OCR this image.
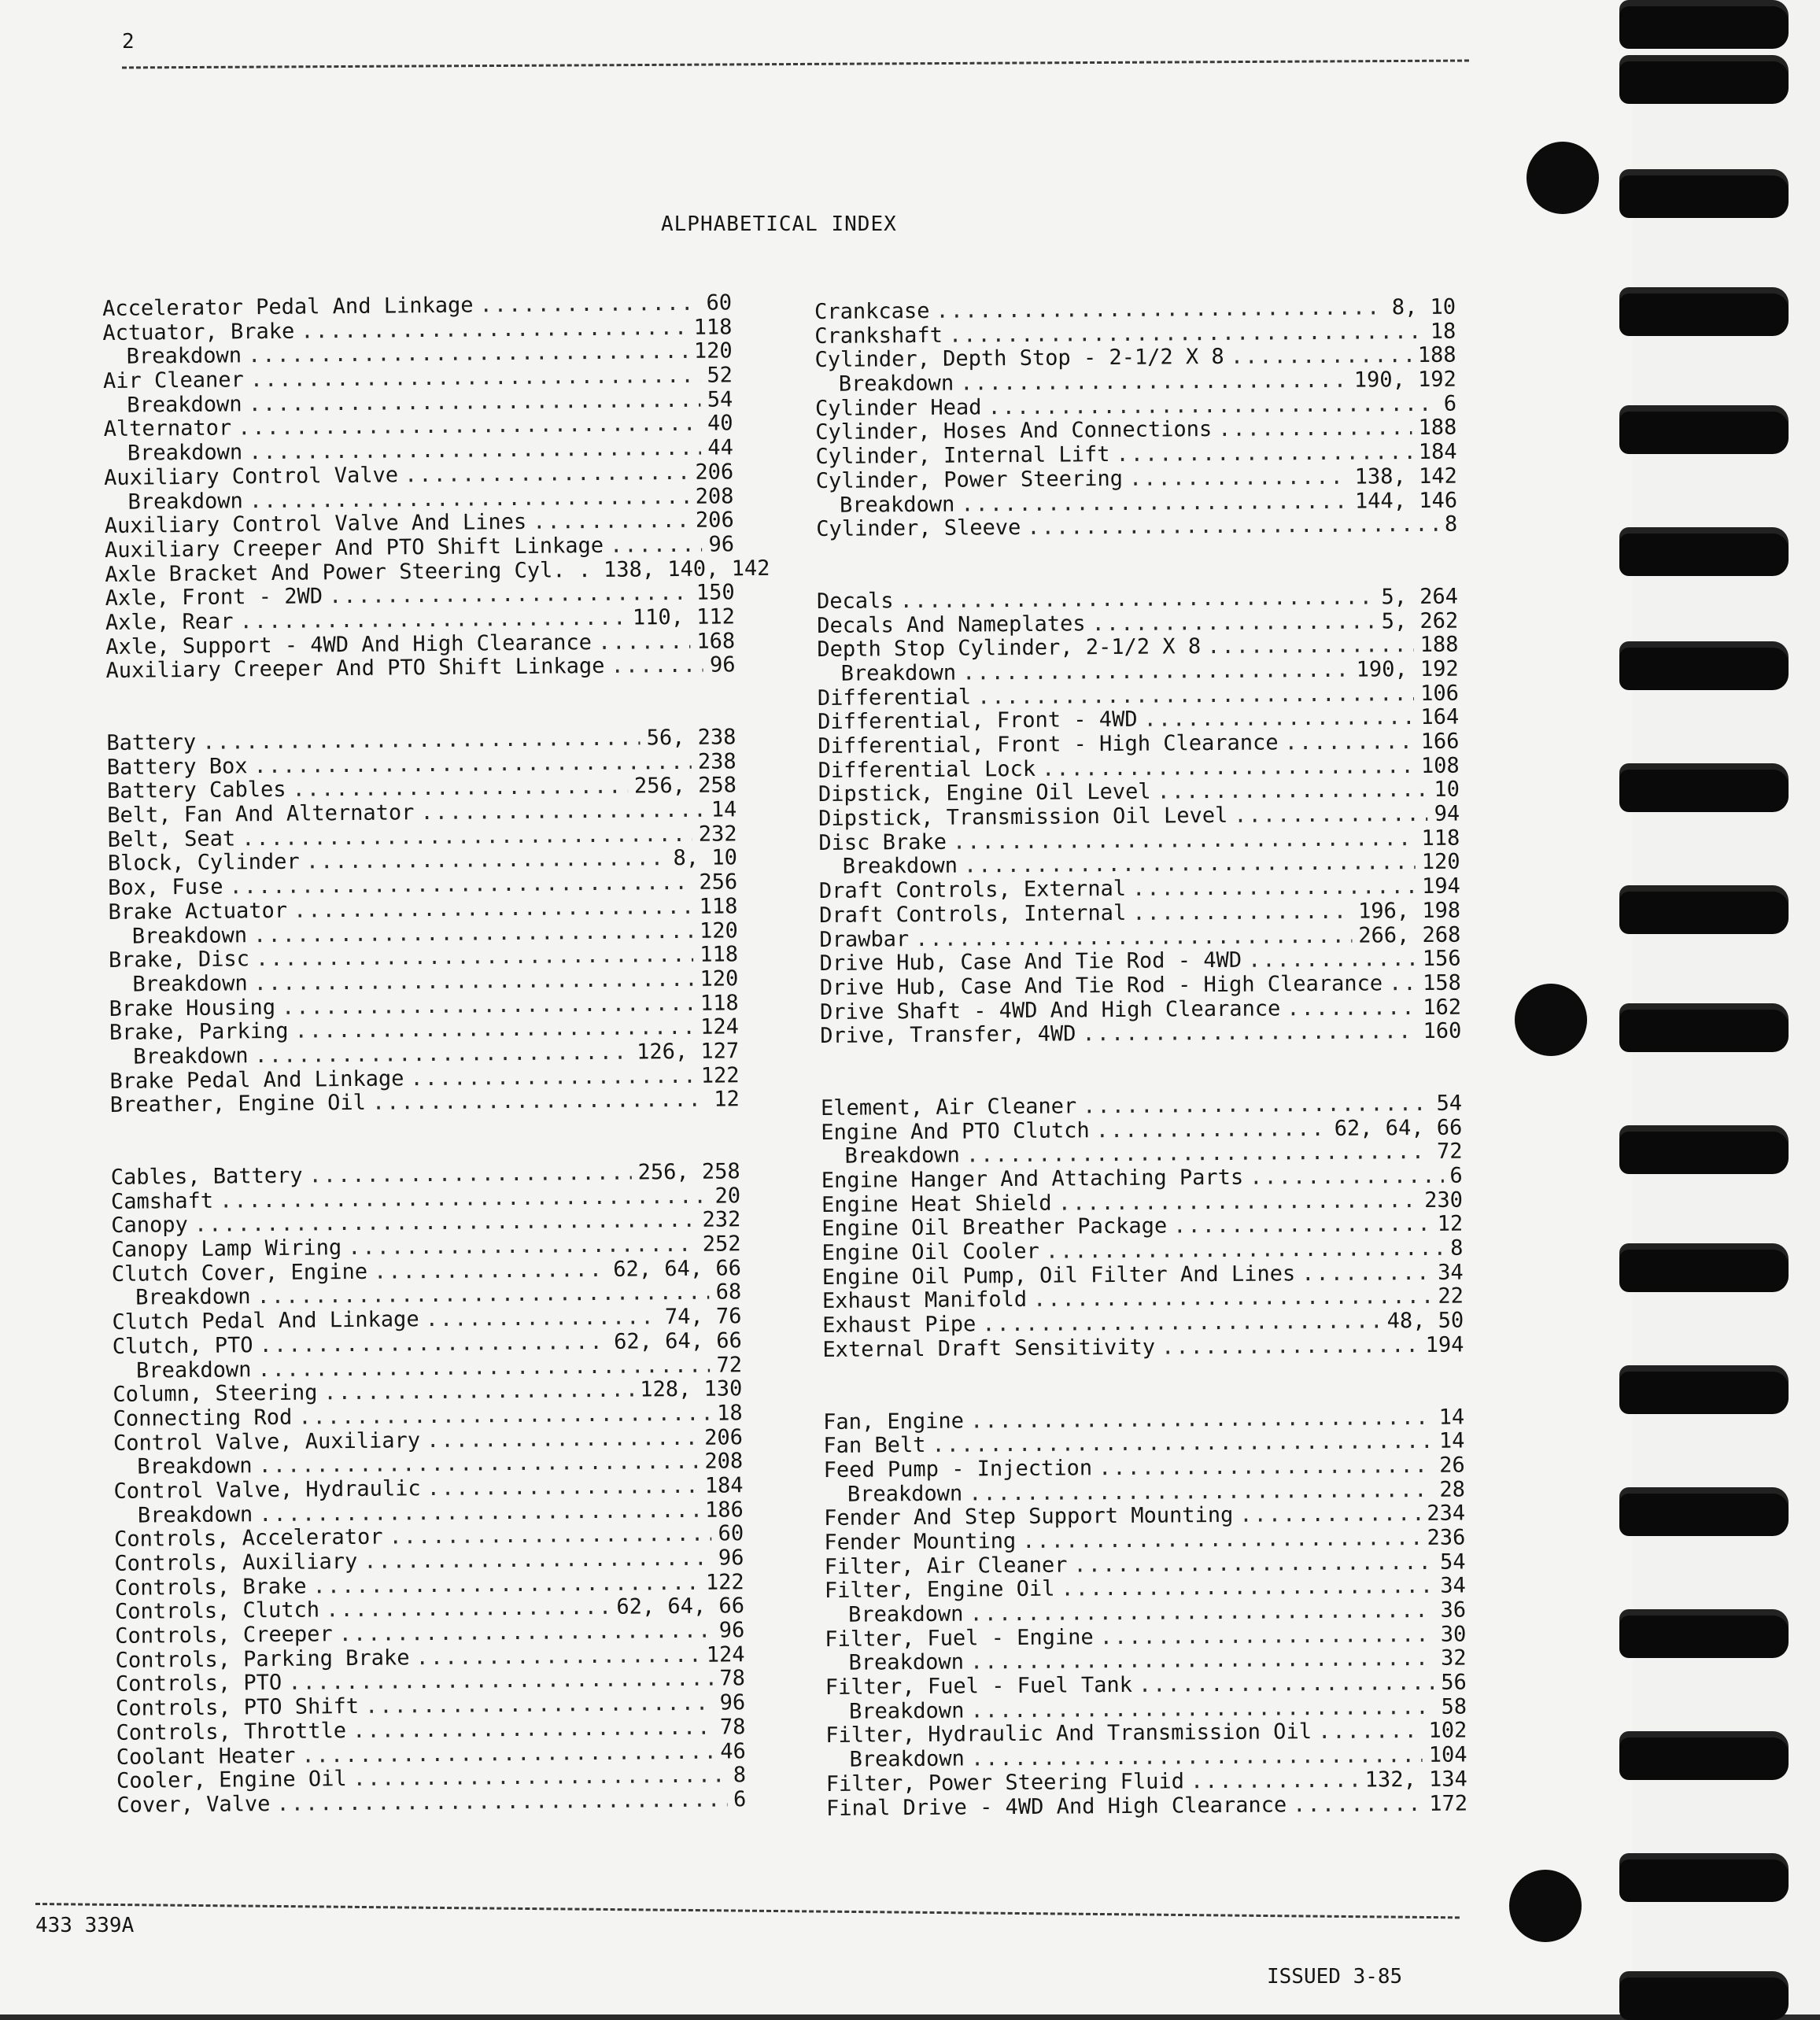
2
ALPHABETICAL INDEX
Accelerator Pedal And Linkage .....	60
Actuator, Brake .....	118
Breakdown .....	120
Air Cleaner .....	52
Breakdown .....	54
Alternator .....	40
Breakdown .....	44
Auxiliary Control Valve .....	206
Breakdown .....	208
Auxiliary Control Valve And Lines .....	206
Auxiliary Creeper And PTO Shift Linkage .....	96
Axle Bracket And Power Steering Cyl. . ..... 138, 140, 142
Axle, Front - 2WD .....	150
Axle, Rear .....	110, 112
Axle, Support - 4WD And High Clearance .....	168
Auxiliary Creeper And PTO Shift Linkage .....	96
Battery .....	56, 238
Battery Box .....	238
Battery Cables .....	256, 258
Belt, Fan And Alternator .....	14
Belt, Seat .....	232
Block, Cylinder .....	8, 10
Box, Fuse .....	256
Brake Actuator .....	118
Breakdown .....	120
Brake, Disc .....	118
Breakdown .....	120
Brake Housing .....	118
Brake, Parking .....	124
Breakdown .....	126, 127
Brake Pedal And Linkage .....	122
Breather, Engine Oil .....	12
Cables, Battery .....	256, 258
Camshaft .....	20
Canopy .....	232
Canopy Lamp Wiring .....	252
Clutch Cover, Engine .....	62, 64, 66
Breakdown .....	68
Clutch Pedal And Linkage .....	74, 76
Clutch, PTO .....	62, 64, 66
Breakdown .....	72
Column, Steering .....	128, 130
Connecting Rod .....	18
Control Valve, Auxiliary .....	206
Breakdown .....	208
Control Valve, Hydraulic .....	184
Breakdown .....	186
Controls, Accelerator .....	60
Controls, Auxiliary .....	96
Controls, Brake .....	122
Controls, Clutch .....	62, 64, 66
Controls, Creeper .....	96
Controls, Parking Brake .....	124
Controls, PTO .....	78
Controls, PTO Shift .....	96
Controls, Throttle .....	78
Coolant Heater .....	46
Cooler, Engine Oil .....	8
Cover, Valve .....	6
Crankcase .....	8, 10
Crankshaft .....	18
Cylinder, Depth Stop - 2-1/2 X 8 .....	188
Breakdown .....	190, 192
Cylinder Head .....	6
Cylinder, Hoses And Connections .....	188
Cylinder, Internal Lift .....	184
Cylinder, Power Steering .....	138, 142
Breakdown .....	144, 146
Cylinder, Sleeve .....	8
Decals .....	5, 264
Decals And Nameplates .....	5, 262
Depth Stop Cylinder, 2-1/2 X 8 .....	188
Breakdown .....	190, 192
Differential .....	106
Differential, Front - 4WD .....	164
Differential, Front - High Clearance .....	166
Differential Lock .....	108
Dipstick, Engine Oil Level .....	10
Dipstick, Transmission Oil Level .....	94
Disc Brake .....	118
Breakdown .....	120
Draft Controls, External .....	194
Draft Controls, Internal .....	196, 198
Drawbar .....	266, 268
Drive Hub, Case And Tie Rod - 4WD .....	156
Drive Hub, Case And Tie Rod - High Clearance ..... 158
Drive Shaft - 4WD And High Clearance .....	162
Drive, Transfer, 4WD .....	160
Element, Air Cleaner .....	54
Engine And PTO Clutch .....	62, 64, 66
Breakdown .....	72
Engine Hanger And Attaching Parts .....	6
Engine Heat Shield .....	230
Engine Oil Breather Package .....	12
Engine Oil Cooler .....	8
Engine Oil Pump, Oil Filter And Lines .....	34
Exhaust Manifold .....	22
Exhaust Pipe .....	48, 50
External Draft Sensitivity .....	194
Fan, Engine .....	14
Fan Belt .....	14
Feed Pump - Injection .....	26
Breakdown .....	28
Fender And Step Support Mounting .....	234
Fender Mounting .....	236
Filter, Air Cleaner .....	54
Filter, Engine Oil .....	34
Breakdown .....	36
Filter, Fuel - Engine .....	30
Breakdown .....	32
Filter, Fuel - Fuel Tank .....	56
Breakdown .....	58
Filter, Hydraulic And Transmission Oil .....	102
Breakdown .....	104
Filter, Power Steering Fluid .....	132, 134
Final Drive - 4WD And High Clearance .....	172
433 339A
ISSUED 3-85
